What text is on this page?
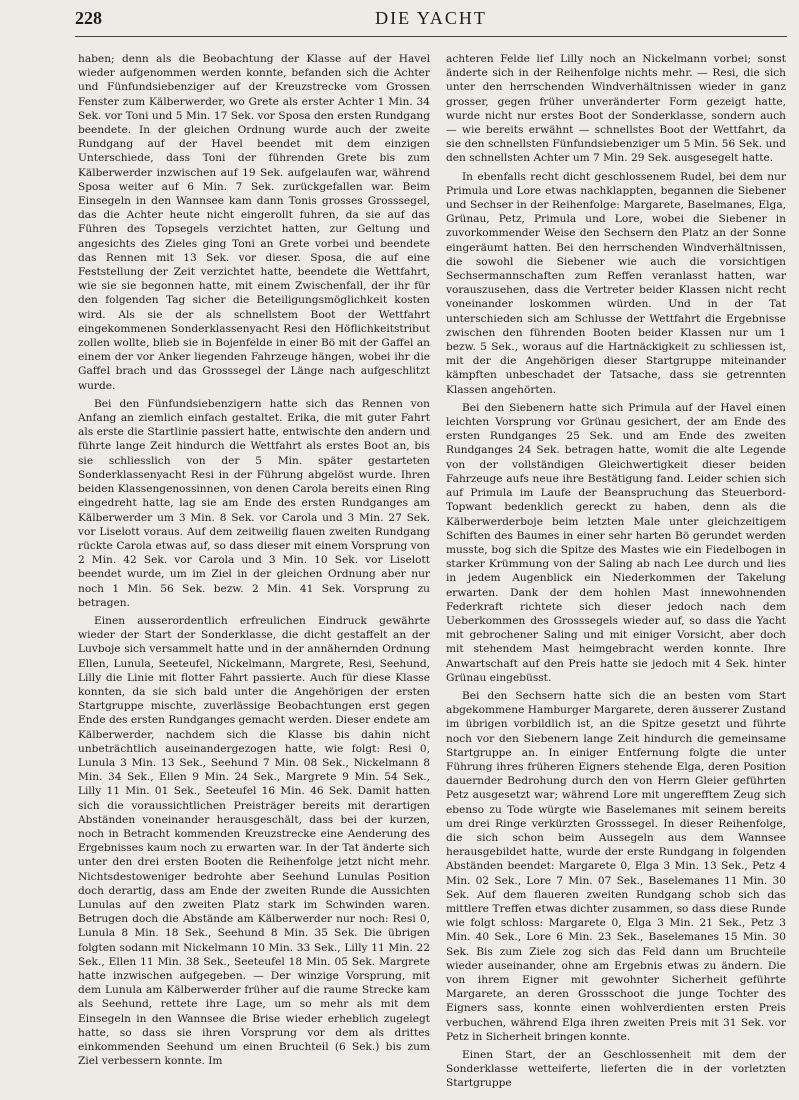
228	DIE YACHT

haben; denn als die Beobachtung der Klasse auf der Havel wieder aufgenommen werden konnte, befanden sich die Achter und Fünfundsiebenziger auf der Kreuzstrecke vom Grossen Fenster zum Kälberwerder, wo Grete als erster Achter 1 Min. 34 Sek. vor Toni und 5 Min. 17 Sek. vor Sposa den ersten Rundgang beendete. In der gleichen Ordnung wurde auch der zweite Rundgang auf der Havel beendet mit dem einzigen Unterschiede, dass Toni der führenden Grete bis zum Kälberwerder inzwischen auf 19 Sek. aufgelaufen war, während Sposa weiter auf 6 Min. 7 Sek. zurückgefallen war. Beim Einsegeln in den Wannsee kam dann Tonis grosses Grosssegel, das die Achter heute nicht eingerollt fuhren, da sie auf das Führen des Topsegels verzichtet hatten, zur Geltung und angesichts des Zieles ging Toni an Grete vorbei und beendete das Rennen mit 13 Sek. vor dieser. Sposa, die auf eine Feststellung der Zeit verzichtet hatte, beendete die Wettfahrt, wie sie sie begonnen hatte, mit einem Zwischenfall, der ihr für den folgenden Tag sicher die Beteiligungsmöglichkeit kosten wird. Als sie der als schnellstem Boot der Wettfahrt eingekommenen Sonderklassenyacht Resi den Höflichkeitstribut zollen wollte, blieb sie in Bojenfelde in einer Bö mit der Gaffel an einem der vor Anker liegenden Fahrzeuge hängen, wobei ihr die Gaffel brach und das Grosssegel der Länge nach aufgeschlitzt wurde.

Bei den Fünfundsiebenzigern hatte sich das Rennen von Anfang an ziemlich einfach gestaltet. Erika, die mit guter Fahrt als erste die Startlinie passiert hatte, entwischte den andern und führte lange Zeit hindurch die Wettfahrt als erstes Boot an, bis sie schliesslich von der 5 Min. später gestarteten Sonderklassenyacht Resi in der Führung abgelöst wurde. Ihren beiden Klassengenossinnen, von denen Carola bereits einen Ring eingedreht hatte, lag sie am Ende des ersten Rundganges am Kälberwerder um 3 Min. 8 Sek. vor Carola und 3 Min. 27 Sek. vor Liselott voraus. Auf dem zeitweilig flauen zweiten Rundgang rückte Carola etwas auf, so dass dieser mit einem Vorsprung von 2 Min. 42 Sek. vor Carola und 3 Min. 10 Sek. vor Liselott beendet wurde, um im Ziel in der gleichen Ordnung aber nur noch 1 Min. 56 Sek. bezw. 2 Min. 41 Sek. Vorsprung zu betragen.

Einen ausserordentlich erfreulichen Eindruck gewährte wieder der Start der Sonderklasse, die dicht gestaffelt an der Luvboje sich versammelt hatte und in der annähernden Ordnung Ellen, Lunula, Seeteufel, Nickelmann, Margrete, Resi, Seehund, Lilly die Linie mit flotter Fahrt passierte. Auch für diese Klasse konnten, da sie sich bald unter die Angehörigen der ersten Startgruppe mischte, zuverlässige Beobachtungen erst gegen Ende des ersten Rundganges gemacht werden. Dieser endete am Kälberwerder, nachdem sich die Klasse bis dahin nicht unbeträchtlich auseinandergezogen hatte, wie folgt: Resi 0, Lunula 3 Min. 13 Sek., Seehund 7 Min. 08 Sek., Nickelmann 8 Min. 34 Sek., Ellen 9 Min. 24 Sek., Margrete 9 Min. 54 Sek., Lilly 11 Min. 01 Sek., Seeteufel 16 Min. 46 Sek. Damit hatten sich die voraussichtlichen Preisträger bereits mit derartigen Abständen voneinander herausgeschält, dass bei der kurzen, noch in Betracht kommenden Kreuzstrecke eine Aenderung des Ergebnisses kaum noch zu erwarten war. In der Tat änderte sich unter den drei ersten Booten die Reihenfolge jetzt nicht mehr. Nichtsdestoweniger bedrohte aber Seehund Lunulas Position doch derartig, dass am Ende der zweiten Runde die Aussichten Lunulas auf den zweiten Platz stark im Schwinden waren. Betrugen doch die Abstände am Kälberwerder nur noch: Resi 0, Lunula 8 Min. 18 Sek., Seehund 8 Min. 35 Sek. Die übrigen folgten sodann mit Nickelmann 10 Min. 33 Sek., Lilly 11 Min. 22 Sek., Ellen 11 Min. 38 Sek., Seeteufel 18 Min. 05 Sek. Margrete hatte inzwischen aufgegeben. — Der winzige Vorsprung, mit dem Lunula am Kälberwerder früher auf die raume Strecke kam als Seehund, rettete ihre Lage, um so mehr als mit dem Einsegeln in den Wannsee die Brise wieder erheblich zugelegt hatte, so dass sie ihren Vorsprung vor dem als drittes einkommenden Seehund um einen Bruchteil (6 Sek.) bis zum Ziel verbessern konnte. Im

achteren Felde lief Lilly noch an Nickelmann vorbei; sonst änderte sich in der Reihenfolge nichts mehr. — Resi, die sich unter den herrschenden Windverhältnissen wieder in ganz grosser, gegen früher unveränderter Form gezeigt hatte, wurde nicht nur erstes Boot der Sonderklasse, sondern auch — wie bereits erwähnt — schnellstes Boot der Wettfahrt, da sie den schnellsten Fünfundsiebenziger um 5 Min. 56 Sek. und den schnellsten Achter um 7 Min. 29 Sek. ausgesegelt hatte.

In ebenfalls recht dicht geschlossenem Rudel, bei dem nur Primula und Lore etwas nachklappten, begannen die Siebener und Sechser in der Reihenfolge: Margarete, Baselmanes, Elga, Grünau, Petz, Primula und Lore, wobei die Siebener in zuvorkommender Weise den Sechsern den Platz an der Sonne eingeräumt hatten. Bei den herrschenden Windverhältnissen, die sowohl die Siebener wie auch die vorsichtigen Sechsermannschaften zum Reffen veranlasst hatten, war vorauszusehen, dass die Vertreter beider Klassen nicht recht voneinander loskommen würden. Und in der Tat unterschieden sich am Schlusse der Wettfahrt die Ergebnisse zwischen den führenden Booten beider Klassen nur um 1 bezw. 5 Sek., woraus auf die Hartnäckigkeit zu schliessen ist, mit der die Angehörigen dieser Startgruppe miteinander kämpften unbeschadet der Tatsache, dass sie getrennten Klassen angehörten.

Bei den Siebenern hatte sich Primula auf der Havel einen leichten Vorsprung vor Grünau gesichert, der am Ende des ersten Rundganges 25 Sek. und am Ende des zweiten Rundganges 24 Sek. betragen hatte, womit die alte Legende von der vollständigen Gleichwertigkeit dieser beiden Fahrzeuge aufs neue ihre Bestätigung fand. Leider schien sich auf Primula im Laufe der Beanspruchung das Steuerbord-Topwant bedenklich gereckt zu haben, denn als die Kälberwerderboje beim letzten Male unter gleichzeitigem Schiften des Baumes in einer sehr harten Bö gerundet werden musste, bog sich die Spitze des Mastes wie ein Fiedelbogen in starker Krümmung von der Saling ab nach Lee durch und lies in jedem Augenblick ein Niederkommen der Takelung erwarten. Dank der dem hohlen Mast innewohnenden Federkraft richtete sich dieser jedoch nach dem Ueberkommen des Grosssegels wieder auf, so dass die Yacht mit gebrochener Saling und mit einiger Vorsicht, aber doch mit stehendem Mast heimgebracht werden konnte. Ihre Anwartschaft auf den Preis hatte sie jedoch mit 4 Sek. hinter Grünau eingebüsst.

Bei den Sechsern hatte sich die an besten vom Start abgekommene Hamburger Margarete, deren äusserer Zustand im übrigen vorbildlich ist, an die Spitze gesetzt und führte noch vor den Siebenern lange Zeit hindurch die gemeinsame Startgruppe an. In einiger Entfernung folgte die unter Führung ihres früheren Eigners stehende Elga, deren Position dauernder Bedrohung durch den von Herrn Gleier geführten Petz ausgesetzt war; während Lore mit ungerefftem Zeug sich ebenso zu Tode würgte wie Baselemanes mit seinem bereits um drei Ringe verkürzten Grosssegel. In dieser Reihenfolge, die sich schon beim Aussegeln aus dem Wannsee herausgebildet hatte, wurde der erste Rundgang in folgenden Abständen beendet: Margarete 0, Elga 3 Min. 13 Sek., Petz 4 Min. 02 Sek., Lore 7 Min. 07 Sek., Baselemanes 11 Min. 30 Sek. Auf dem flaueren zweiten Rundgang schob sich das mittlere Treffen etwas dichter zusammen, so dass diese Runde wie folgt schloss: Margarete 0, Elga 3 Min. 21 Sek., Petz 3 Min. 40 Sek., Lore 6 Min. 23 Sek., Baselemanes 15 Min. 30 Sek. Bis zum Ziele zog sich das Feld dann um Bruchteile wieder auseinander, ohne am Ergebnis etwas zu ändern. Die von ihrem Eigner mit gewohnter Sicherheit geführte Margarete, an deren Grossschoot die junge Tochter des Eigners sass, konnte einen wohlverdienten ersten Preis verbuchen, während Elga ihren zweiten Preis mit 31 Sek. vor Petz in Sicherheit bringen konnte.

Einen Start, der an Geschlossenheit mit dem der Sonderklasse wetteiferte, lieferten die in der vorletzten Startgruppe
